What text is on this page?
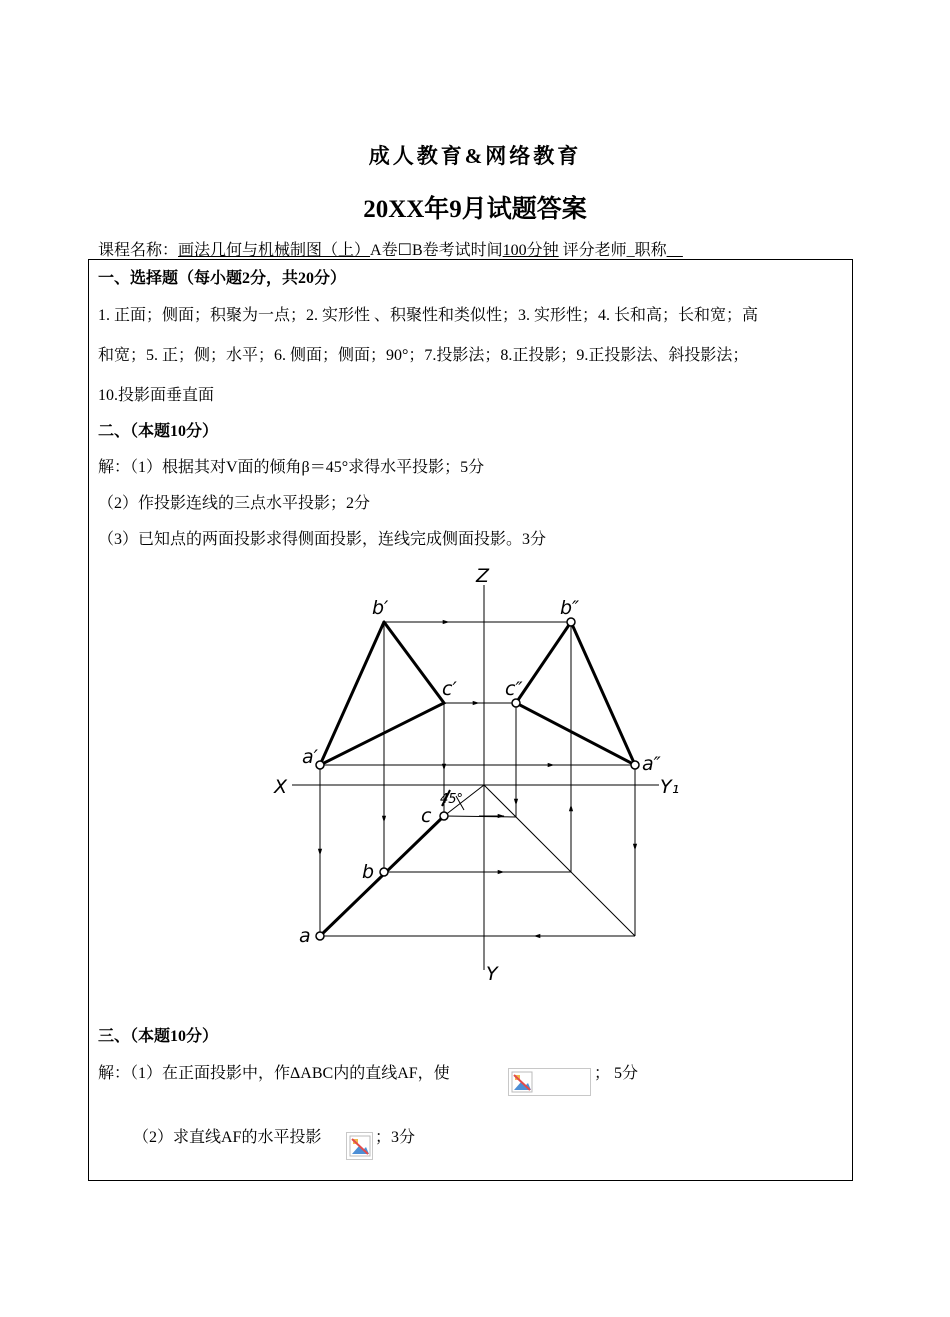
成人教育&网络教育
20XX年9月试题答案
课程名称：画法几何与机械制图（上）A卷☐B卷考试时间100分钟 评分老师_职称__
一、选择题（每小题2分，共20分）
1. 正面；侧面；积聚为一点；2. 实形性 、积聚性和类似性；3. 实形性；4. 长和高；长和宽；高
和宽；5. 正；侧；水平；6. 侧面；侧面；90°；7.投影法；8.正投影；9.正投影法、斜投影法；
10.投影面垂直面
二、（本题10分）
解：（1）根据其对V面的倾角β＝45°求得水平投影；5分
（2）作投影连线的三点水平投影；2分
（3）已知点的两面投影求得侧面投影，连线完成侧面投影。3分
Z
X	Y₁
Y
b′
c′
a′
b″
c″
a″
c
b
a
45°
三、（本题10分）
解：（1）在正面投影中，作ΔABC内的直线AF，使	； 5分
（2）求直线AF的水平投影	；3分
